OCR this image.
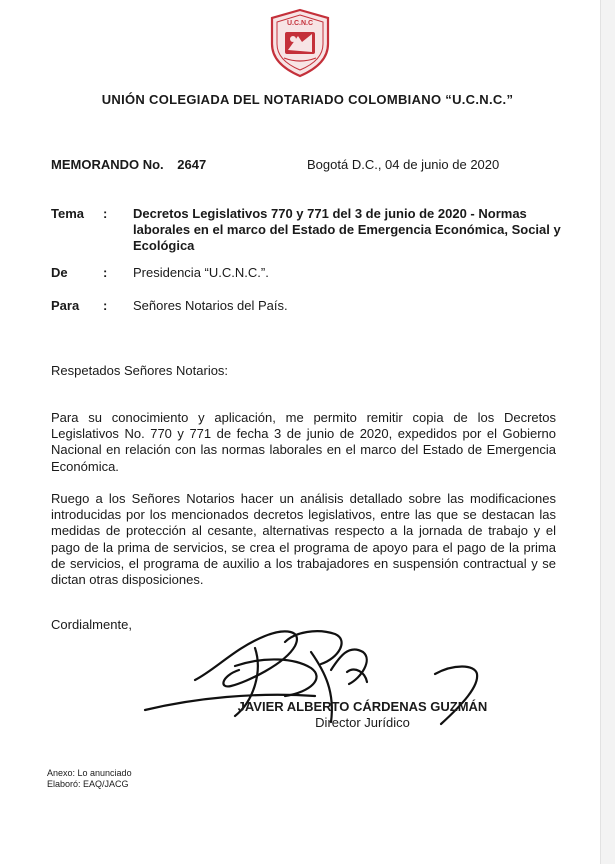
U.C.N.C
UNIÓN COLEGIADA DEL NOTARIADO COLOMBIANO “U.C.N.C.”
MEMORANDO No. 2647	Bogotá D.C., 04 de junio de 2020
Tema : Decretos Legislativos 770 y 771 del 3 de junio de 2020 - Normas laborales en el marco del Estado de Emergencia Económica, Social y Ecológica
De	: Presidencia “U.C.N.C.”.
Para : Señores Notarios del País.
Respetados Señores Notarios:
Para su conocimiento y aplicación, me permito remitir copia de los Decretos Legislativos No. 770 y 771 de fecha 3 de junio de 2020, expedidos por el Gobierno Nacional en relación con las normas laborales en el marco del Estado de Emergencia Económica.
Ruego a los Señores Notarios hacer un análisis detallado sobre las modificaciones introducidas por los mencionados decretos legislativos, entre las que se destacan las medidas de protección al cesante, alternativas respecto a la jornada de trabajo y el pago de la prima de servicios, se crea el programa de apoyo para el pago de la prima de servicios, el programa de auxilio a los trabajadores en suspensión contractual y se dictan otras disposiciones.
Cordialmente,
JAVIER ALBERTO CÁRDENAS GUZMÁN
Director Jurídico
Anexo: Lo anunciado
Elaboró: EAQ/JACG
